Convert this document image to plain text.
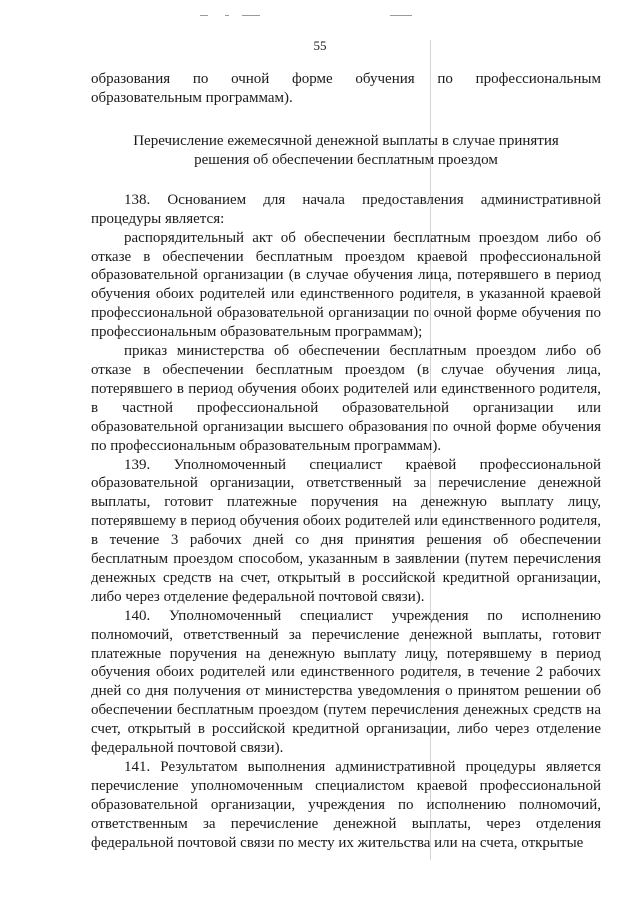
55

образования по очной форме обучения по профессиональным образовательным программам).

Перечисление ежемесячной денежной выплаты в случае принятия
решения об обеспечении бесплатным проездом

138. Основанием для начала предоставления административной процедуры является:

распорядительный акт об обеспечении бесплатным проездом либо об отказе в обеспечении бесплатным проездом краевой профессиональной образовательной организации (в случае обучения лица, потерявшего в период обучения обоих родителей или единственного родителя, в указанной краевой профессиональной образовательной организации по очной форме обучения по профессиональным образовательным программам);

приказ министерства об обеспечении бесплатным проездом либо об отказе в обеспечении бесплатным проездом (в случае обучения лица, потерявшего в период обучения обоих родителей или единственного родителя, в частной профессиональной образовательной организации или образовательной организации высшего образования по очной форме обучения по профессиональным образовательным программам).

139. Уполномоченный специалист краевой профессиональной образовательной организации, ответственный за перечисление денежной выплаты, готовит платежные поручения на денежную выплату лицу, потерявшему в период обучения обоих родителей или единственного родителя, в течение 3 рабочих дней со дня принятия решения об обеспечении бесплатным проездом способом, указанным в заявлении (путем перечисления денежных средств на счет, открытый в российской кредитной организации, либо через отделение федеральной почтовой связи).

140. Уполномоченный специалист учреждения по исполнению полномочий, ответственный за перечисление денежной выплаты, готовит платежные поручения на денежную выплату лицу, потерявшему в период обучения обоих родителей или единственного родителя, в течение 2 рабочих дней со дня получения от министерства уведомления о принятом решении об обеспечении бесплатным проездом (путем перечисления денежных средств на счет, открытый в российской кредитной организации, либо через отделение федеральной почтовой связи).

141. Результатом выполнения административной процедуры является перечисление уполномоченным специалистом краевой профессиональной образовательной организации, учреждения по исполнению полномочий, ответственным за перечисление денежной выплаты, через отделения федеральной почтовой связи по месту их жительства или на счета, открытые
